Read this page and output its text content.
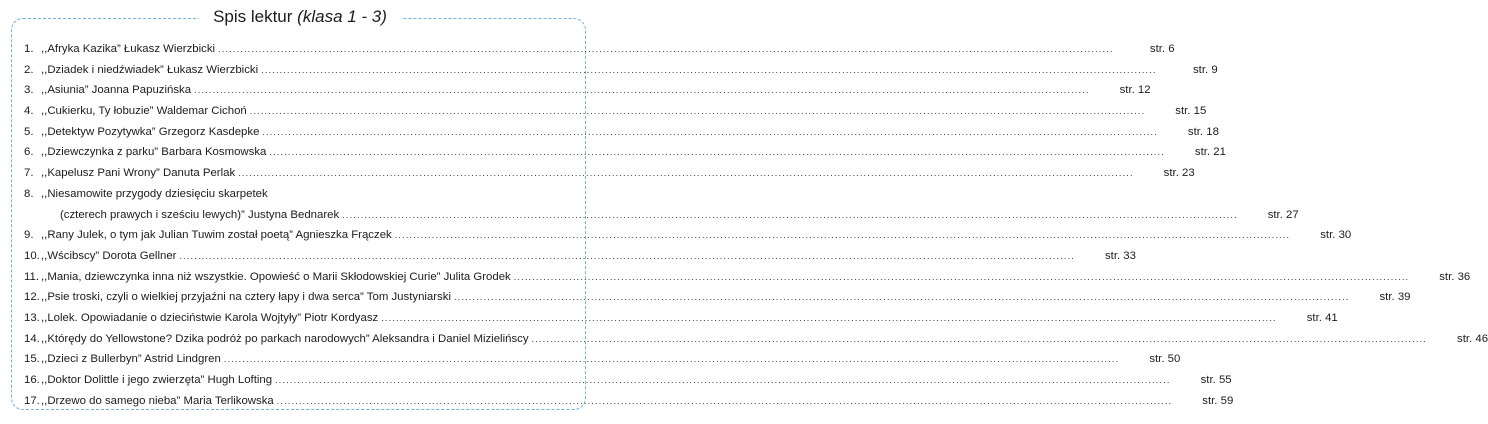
Spis lektur (klasa 1 - 3)
1. ,,Afryka Kazika” Łukasz Wierzbicki .....	str. 6
2. ,,Dziadek i niedźwiadek” Łukasz Wierzbicki .....	str. 9
3. ,,Asiunia” Joanna Papuzińska .....	str. 12
4. ,,Cukierku, Ty łobuzie” Waldemar Cichoń .....	str. 15
5. ,,Detektyw Pozytywka” Grzegorz Kasdepke .....	str. 18
6. ,,Dziewczynka z parku” Barbara Kosmowska .....	str. 21
7. ,,Kapelusz Pani Wrony” Danuta Perlak .....	str. 23
8. ,,Niesamowite przygody dziesięciu skarpetek
(czterech prawych i sześciu lewych)” Justyna Bednarek .....	str. 27
9. ,,Rany Julek, o tym jak Julian Tuwim został poetą” Agnieszka Frączek .....	str. 30
10. ,,Wścibscy” Dorota Gellner .....	str. 33
11. ,,Mania, dziewczynka inna niż wszystkie. Opowieść o Marii Skłodowskiej Curie” Julita Grodek .....	str. 36
12. ,,Psie troski, czyli o wielkiej przyjaźni na cztery łapy i dwa serca” Tom Justyniarski .....	str. 39
13. ,,Lolek. Opowiadanie o dzieciństwie Karola Wojtyły” Piotr Kordyasz .....	str. 41
14. ,,Którędy do Yellowstone? Dzika podróż po parkach narodowych” Aleksandra i Daniel Mizielińscy .....	str. 46
15. ,,Dzieci z Bullerbyn” Astrid Lindgren .....	str. 50
16. ,,Doktor Dolittle i jego zwierzęta” Hugh Lofting .....	str. 55
17. ,,Drzewo do samego nieba” Maria Terlikowska .....	str. 59
